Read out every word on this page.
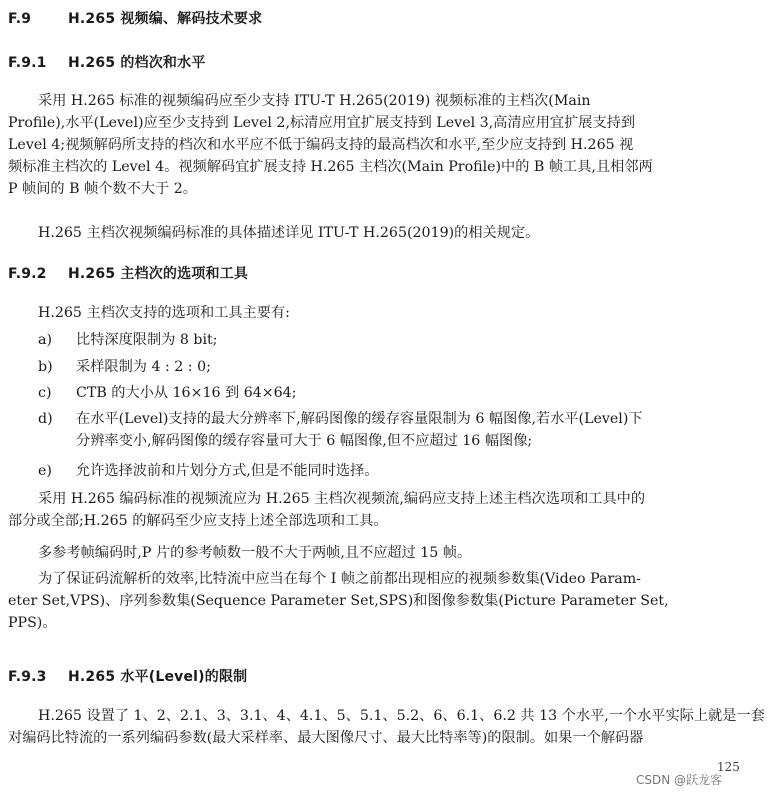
F.9	H.265 视频编、解码技术要求
F.9.1 H.265 的档次和水平
采用 H.265 标准的视频编码应至少支持 ITU-T H.265(2019) 视频标准的主档次(Main
Profile),水平(Level)应至少支持到 Level 2,标清应用宜扩展支持到 Level 3,高清应用宜扩展支持到
Level 4;视频解码所支持的档次和水平应不低于编码支持的最高档次和水平,至少应支持到 H.265 视
频标准主档次的 Level 4。视频解码宜扩展支持 H.265 主档次(Main Profile)中的 B 帧工具,且相邻两
P 帧间的 B 帧个数不大于 2。
H.265 主档次视频编码标准的具体描述详见 ITU-T H.265(2019)的相关规定。
F.9.2 H.265 主档次的选项和工具
H.265 主档次支持的选项和工具主要有:
a) 比特深度限制为 8 bit;
b) 采样限制为 4 : 2 : 0;
c) CTB 的大小从 16×16 到 64×64;
d) 在水平(Level)支持的最大分辨率下,解码图像的缓存容量限制为 6 幅图像,若水平(Level)下
分辨率变小,解码图像的缓存容量可大于 6 幅图像,但不应超过 16 幅图像;
e) 允许选择波前和片划分方式,但是不能同时选择。
采用 H.265 编码标准的视频流应为 H.265 主档次视频流,编码应支持上述主档次选项和工具中的
部分或全部;H.265 的解码至少应支持上述全部选项和工具。
多参考帧编码时,P 片的参考帧数一般不大于两帧,且不应超过 15 帧。
为了保证码流解析的效率,比特流中应当在每个 I 帧之前都出现相应的视频参数集(Video Param-
eter Set,VPS)、序列参数集(Sequence Parameter Set,SPS)和图像参数集(Picture Parameter Set,
PPS)。
F.9.3 H.265 水平(Level)的限制
H.265 设置了 1、2、2.1、3、3.1、4、4.1、5、5.1、5.2、6、6.1、6.2 共 13 个水平,一个水平实际上就是一套
对编码比特流的一系列编码参数(最大采样率、最大图像尺寸、最大比特率等)的限制。如果一个解码器
125
CSDN @跃龙客
